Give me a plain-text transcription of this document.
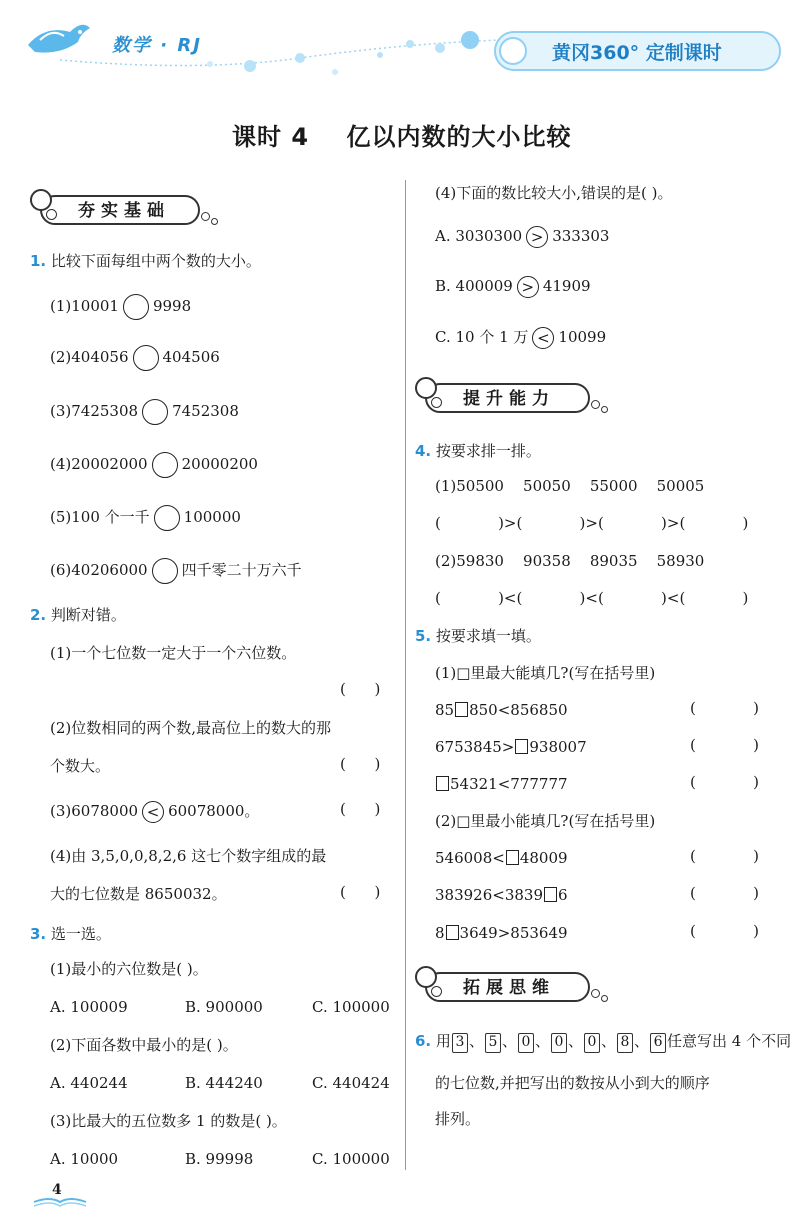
数学 · RJ	黄冈360° 定制课时
课时 4    亿以内数的大小比较
夯实基础
1. 比较下面每组中两个数的大小。
(1)10001 9998
(2)404056 404506
(3)7425308 7452308
(4)20002000 20000200
(5)100 个一千 100000
(6)40206000 四千零二十万六千
2. 判断对错。
(1)一个七位数一定大于一个六位数。
(      )
(2)位数相同的两个数,最高位上的数大的那
个数大。	(      )
(3)6078000 < 60078000。	(      )
(4)由 3,5,0,0,8,2,6 这七个数字组成的最
大的七位数是 8650032。	(      )
3. 选一选。
(1)最小的六位数是( )。
A. 100009	B. 900000	C. 100000
(2)下面各数中最小的是( )。
A. 440244	B. 444240	C. 440424
(3)比最大的五位数多 1 的数是( )。
A. 10000	B. 99998	C. 100000
4
(4)下面的数比较大小,错误的是( )。
A. 3030300 > 333303
B. 400009 > 41909
C. 10 个 1 万 < 10099
提升能力
4. 按要求排一排。
(1)50500    50050    55000    50005
(            )>(            )>(            )>(            )
(2)59830    90358    89035    58930
(            )<(            )<(            )<(            )
5. 按要求填一填。
(1)□里最大能填几?(写在括号里)
85 850<856850	(            )
6753845> 938007	(            )
54321<777777	(            )
(2)□里最小能填几?(写在括号里)
546008< 48009	(            )
383926<3839 6	(            )
8 3649>853649	(            )
拓展思维
6. 用 3 、 5 、 0 、 0 、 0 、 8 、 6 任意写出 4 个不同
的七位数,并把写出的数按从小到大的顺序
排列。
